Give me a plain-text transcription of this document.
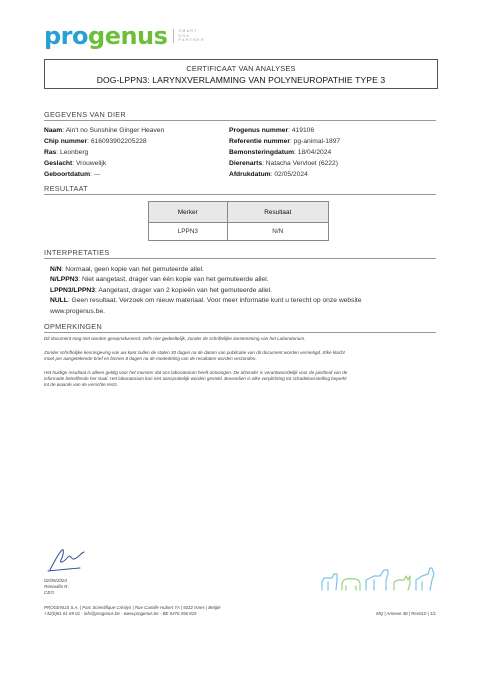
progenus	SMART
DNA
PARTNER
CERTIFICAAT VAN ANALYSES
DOG-LPPN3: LARYNXVERLAMMING VAN POLYNEUROPATHIE TYPE 3
GEGEVENS VAN DIER
Naam: Ain't no Sunshine Ginger Heaven
Chip nummer: 616093902205228
Ras: Leonberg
Geslacht: Vrouwelijk
Geboortdatum: ---
Progenus nummer: 419106
Referentie nummer: pg-animal-1897
Bemonsteringdatum: 18/04/2024
Dierenarts: Natacha Vervloet (6222)
Afdrukdatum: 02/05/2024
RESULTAAT
Merker	Resultaat
LPPN3	N/N
INTERPRETATIES
N/N: Normaal, geen kopie van het gemuteerde allel.
N/LPPN3: Niet aangetast, drager van één kopie van het gemuteerde allel.
LPPN3/LPPN3: Aangetast, drager van 2 kopieën van het gemuteerde allel.
NULL: Geen resultaat. Verzoek om nieuw materiaal. Voor meer informatie kunt u terecht op onze website
www.progenus.be.
OPMERKINGEN
Dit document mag niet worden gereproduceerd, zelfs niet gedeeltelijk, zonder de schriftelijke toestemming van het Laboratorium.
Zonder schriftelijke kennisgeving van uw kant zullen de stalen 30 dagen na de datum van publicatie van dit document worden vernietigd. Elke klacht
moet per aangetekende brief en binnen 8 dagen na de mededeling van de resultaten worden verzonden.
Het huidige resultaat is alleen geldig voor het monster dat ons laboratorium heeft ontvangen. De afzender is verantwoordelijk voor de juistheid van de
informatie betreffende het staal. Het laboratorium kan niet aansprakelijk worden gesteld. Bovendien is elke verplichting tot schadeloosstelling beperkt
tot de waarde van de verrichte tests.
02/05/2024
Renovilla R.
CEO
PROGENUS S.A. | Parc Scientifique Créalys | Rue Camille Hubert 7A | 5032 Isnes | België
+32(0)81 61 69 01 - info@progenus.be - www.progenus.be - BE 0476 356 815	MQ | Annexe 48 | Rev010 | 1/1
